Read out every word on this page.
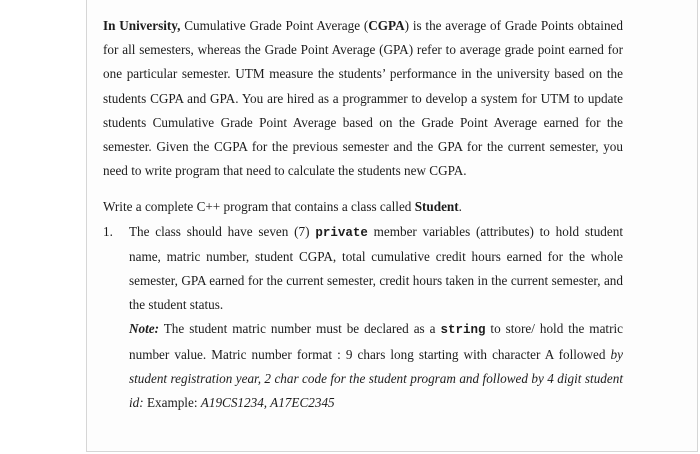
In University, Cumulative Grade Point Average (CGPA) is the average of Grade Points obtained for all semesters, whereas the Grade Point Average (GPA) refer to average grade point earned for one particular semester. UTM measure the students’ performance in the university based on the students CGPA and GPA. You are hired as a programmer to develop a system for UTM to update students Cumulative Grade Point Average based on the Grade Point Average earned for the semester. Given the CGPA for the previous semester and the GPA for the current semester, you need to write program that need to calculate the students new CGPA.

Write a complete C++ program that contains a class called Student.

1.	The class should have seven (7) private member variables (attributes) to hold student name, matric number, student CGPA, total cumulative credit hours earned for the whole semester, GPA earned for the current semester, credit hours taken in the current semester, and the student status.
Note: The student matric number must be declared as a string to store/ hold the matric number value. Matric number format : 9 chars long starting with character A followed by student registration year, 2 char code for the student program and followed by 4 digit student id: Example: A19CS1234, A17EC2345
